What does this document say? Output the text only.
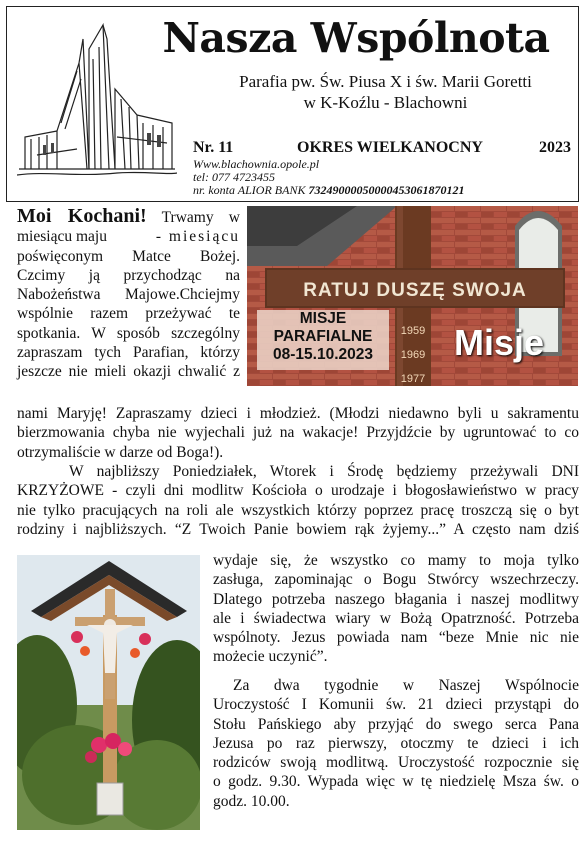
Nasza Wspólnota
Parafia pw. Św. Piusa X i św. Marii Goretti
w K-Koźlu - Blachowni
Nr. 11	OKRES WIELKANOCNY	2023
Www.blachownia.opole.pl
tel: 077 4723455
nr. konta ALIOR BANK 73249000050000453061870121
RATUJ DUSZĘ SWOJA
1959
1969
1977
MISJE
PARAFIALNE
08-15.10.2023	Misje
Moi Kochani! Trwamy w
miesiącu maju	- miesiącu
poświęconym Matce Bożej.
Czcimy ją przychodząc na
Nabożeństwa Majowe.Chciejmy
wspólnie razem przeżywać te
spotkania. W sposób szczególny
zapraszam tych Parafian, którzy
jeszcze nie mieli okazji chwalić z
nami Maryję! Zapraszamy dzieci i młodzież. (Młodzi niedawno byli u sakramentu
bierzmowania chyba nie wyjechali już na wakacje! Przyjdźcie by ugruntować to co
otrzymaliście w darze od Boga!).
W najbliższy Poniedziałek, Wtorek i Środę będziemy przeżywali DNI
KRZYŻOWE - czyli dni modlitw Kościoła o urodzaje i błogosławieństwo w pracy
nie tylko pracujących na roli ale wszystkich którzy poprzez pracę troszczą się o byt
rodziny i najbliższych. “Z Twoich Panie bowiem rąk żyjemy...” A często nam dziś
wydaje się, że wszystko co mamy to moja tylko
zasługa, zapominając o Bogu Stwórcy wszechrzeczy.
Dlatego potrzeba naszego błagania i naszej modlitwy
ale i świadectwa wiary w Bożą Opatrzność. Potrzeba
wspólnoty. Jezus powiada nam “beze Mnie nic nie
możecie uczynić”.
Za dwa tygodnie w Naszej Wspólnocie
Uroczystość I Komunii św. 21 dzieci przystąpi do
Stołu Pańskiego aby przyjąć do swego serca Pana
Jezusa po raz pierwszy, otoczmy te dzieci i ich
rodziców swoją modlitwą. Uroczystość rozpocznie się
o godz. 9.30. Wypada więc w tę niedzielę Msza św. o
godz. 10.00.
